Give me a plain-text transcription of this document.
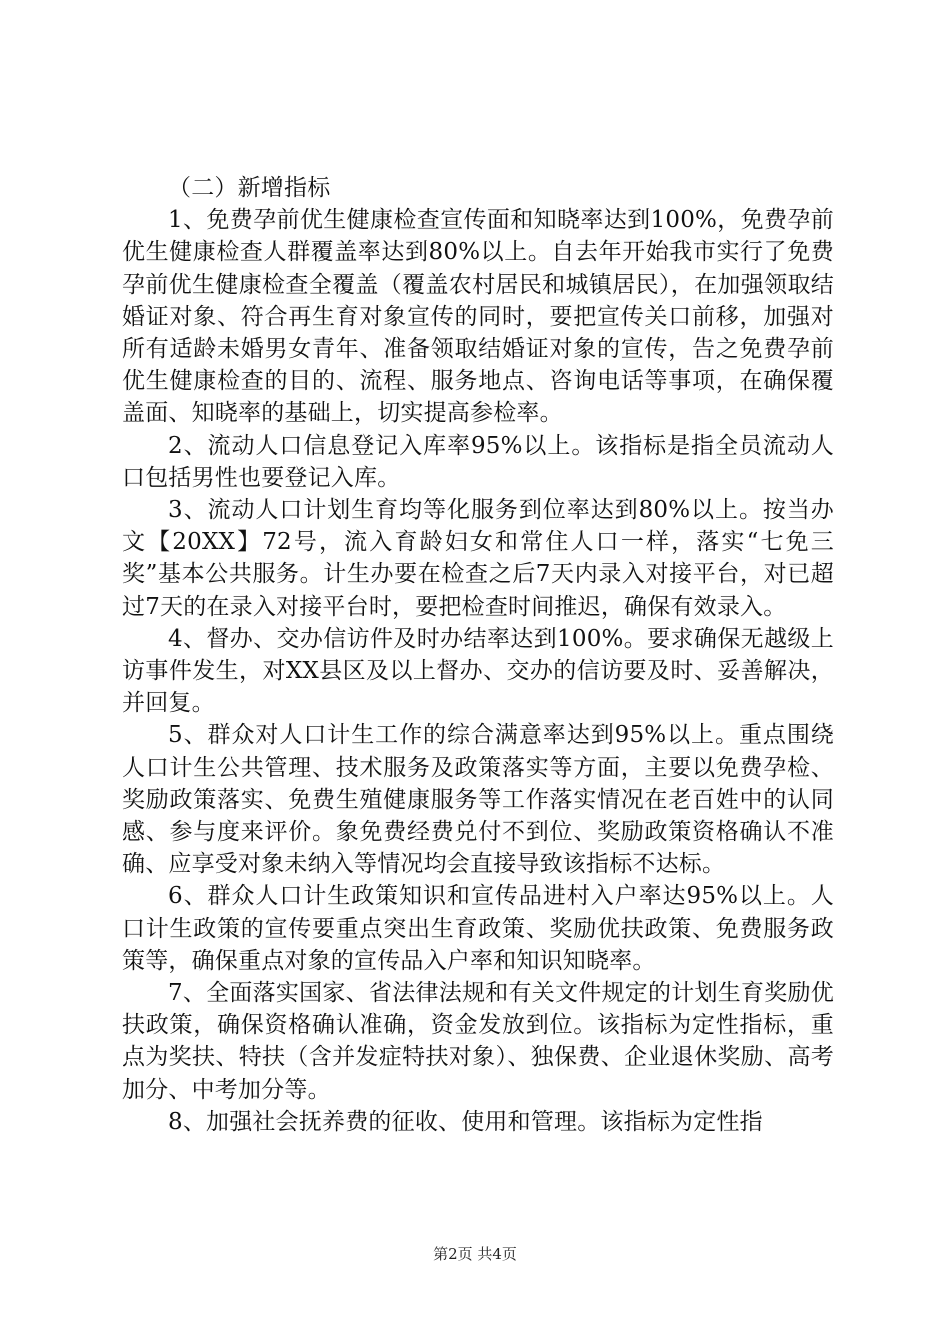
（二）新增指标

1、免费孕前优生健康检查宣传面和知晓率达到100%，免费孕前优生健康检查人群覆盖率达到80%以上。自去年开始我市实行了免费孕前优生健康检查全覆盖（覆盖农村居民和城镇居民），在加强领取结婚证对象、符合再生育对象宣传的同时，要把宣传关口前移，加强对所有适龄未婚男女青年、准备领取结婚证对象的宣传，告之免费孕前优生健康检查的目的、流程、服务地点、咨询电话等事项，在确保覆盖面、知晓率的基础上，切实提高参检率。

2、流动人口信息登记入库率95%以上。该指标是指全员流动人口包括男性也要登记入库。

3、流动人口计划生育均等化服务到位率达到80%以上。按当办文【20XX】72号，流入育龄妇女和常住人口一样，落实“七免三奖”基本公共服务。计生办要在检查之后7天内录入对接平台，对已超过7天的在录入对接平台时，要把检查时间推迟，确保有效录入。

4、督办、交办信访件及时办结率达到100%。要求确保无越级上访事件发生，对XX县区及以上督办、交办的信访要及时、妥善解决，并回复。

5、群众对人口计生工作的综合满意率达到95%以上。重点围绕人口计生公共管理、技术服务及政策落实等方面，主要以免费孕检、奖励政策落实、免费生殖健康服务等工作落实情况在老百姓中的认同感、参与度来评价。象免费经费兑付不到位、奖励政策资格确认不准确、应享受对象未纳入等情况均会直接导致该指标不达标。

6、群众人口计生政策知识和宣传品进村入户率达95%以上。人口计生政策的宣传要重点突出生育政策、奖励优扶政策、免费服务政策等，确保重点对象的宣传品入户率和知识知晓率。

7、全面落实国家、省法律法规和有关文件规定的计划生育奖励优扶政策，确保资格确认准确，资金发放到位。该指标为定性指标，重点为奖扶、特扶（含并发症特扶对象）、独保费、企业退休奖励、高考加分、中考加分等。

8、加强社会抚养费的征收、使用和管理。该指标为定性指

第2页 共4页
